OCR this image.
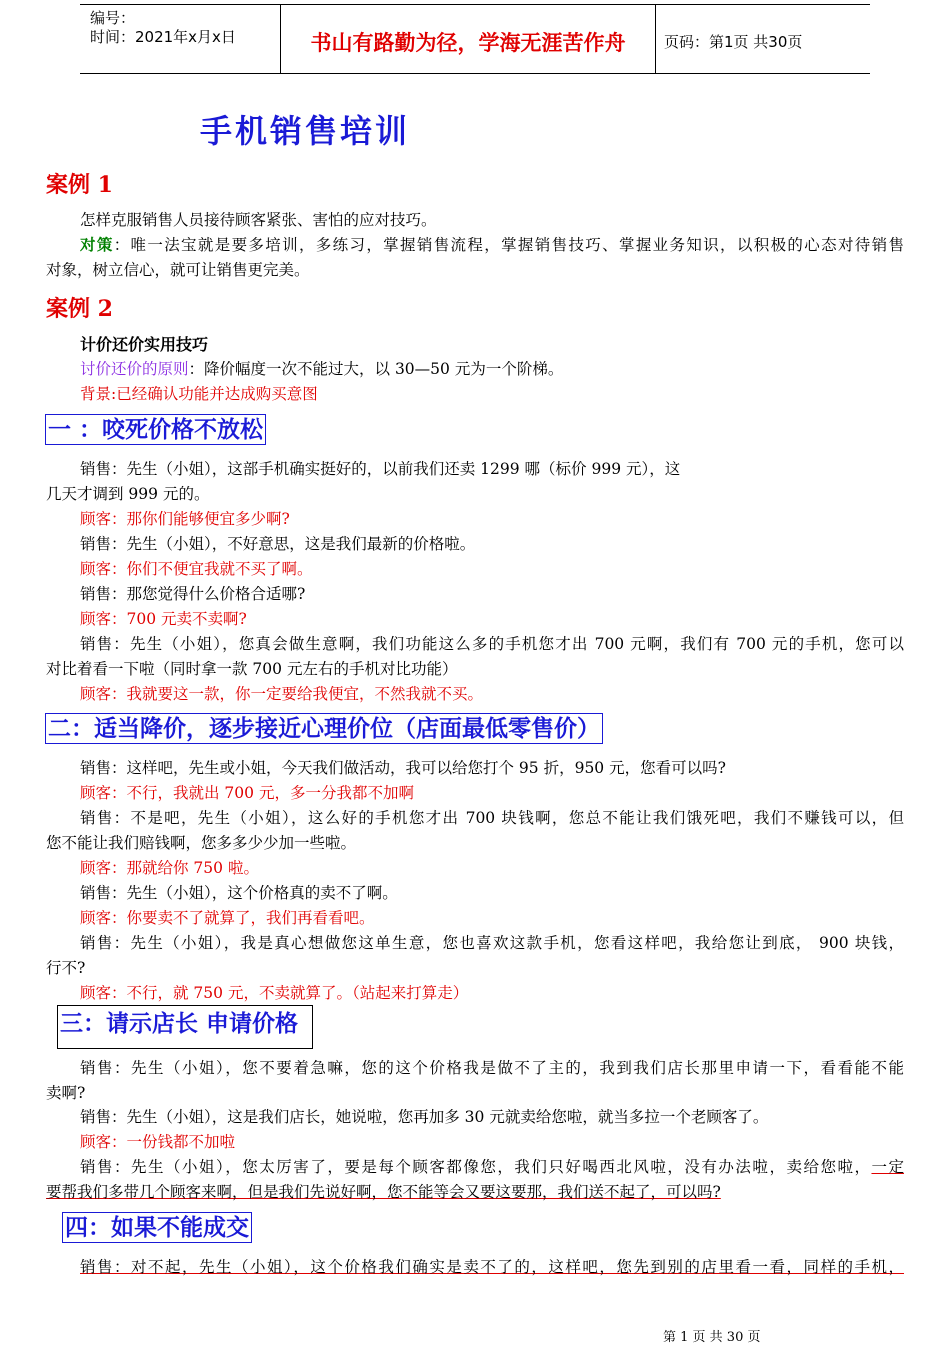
编号：
时间：2021年x月x日	书山有路勤为径，学海无涯苦作舟	页码：第1页 共30页
手机销售培训
案例 1
怎样克服销售人员接待顾客紧张、害怕的应对技巧。
对策：唯一法宝就是要多培训，多练习，掌握销售流程，掌握销售技巧、掌握业务知识，以积极的心态对待销售
对象，树立信心，就可让销售更完美。
案例 2
计价还价实用技巧
讨价还价的原则：降价幅度一次不能过大，以 30—50 元为一个阶梯。
背景:已经确认功能并达成购买意图
一 ：咬死价格不放松
销售：先生（小姐），这部手机确实挺好的，以前我们还卖 1299 哪（标价 999 元），这
几天才调到 999 元的。
顾客：那你们能够便宜多少啊?
销售：先生（小姐），不好意思，这是我们最新的价格啦。
顾客：你们不便宜我就不买了啊。
销售：那您觉得什么价格合适哪?
顾客：700 元卖不卖啊?
销售：先生（小姐），您真会做生意啊，我们功能这么多的手机您才出 700 元啊，我们有 700 元的手机，您可以
对比着看一下啦（同时拿一款 700 元左右的手机对比功能）
顾客：我就要这一款，你一定要给我便宜，不然我就不买。
二：适当降价，逐步接近心理价位（店面最低零售价）
销售：这样吧，先生或小姐，今天我们做活动，我可以给您打个 95 折，950 元，您看可以吗?
顾客：不行，我就出 700 元，多一分我都不加啊
销售：不是吧，先生（小姐），这么好的手机您才出 700 块钱啊，您总不能让我们饿死吧，我们不赚钱可以，但
您不能让我们赔钱啊，您多多少少加一些啦。
顾客：那就给你 750 啦。
销售：先生（小姐），这个价格真的卖不了啊。
顾客：你要卖不了就算了，我们再看看吧。
销售：先生（小姐），我是真心想做您这单生意，您也喜欢这款手机，您看这样吧，我给您让到底， 900 块钱，
行不?
顾客：不行，就 750 元，不卖就算了。（站起来打算走）
三：请示店长 申请价格
销售：先生（小姐），您不要着急嘛，您的这个价格我是做不了主的，我到我们店长那里申请一下，看看能不能
卖啊?
销售：先生（小姐），这是我们店长，她说啦，您再加多 30 元就卖给您啦，就当多拉一个老顾客了。
顾客：一份钱都不加啦
销售：先生（小姐），您太厉害了，要是每个顾客都像您，我们只好喝西北风啦，没有办法啦，卖给您啦，一定
要帮我们多带几个顾客来啊，但是我们先说好啊，您不能等会又要这要那，我们送不起了，可以吗?
四：如果不能成交
销售：对不起，先生（小姐），这个价格我们确实是卖不了的，这样吧，您先到别的店里看一看，同样的手机，
第 1 页 共 30 页
